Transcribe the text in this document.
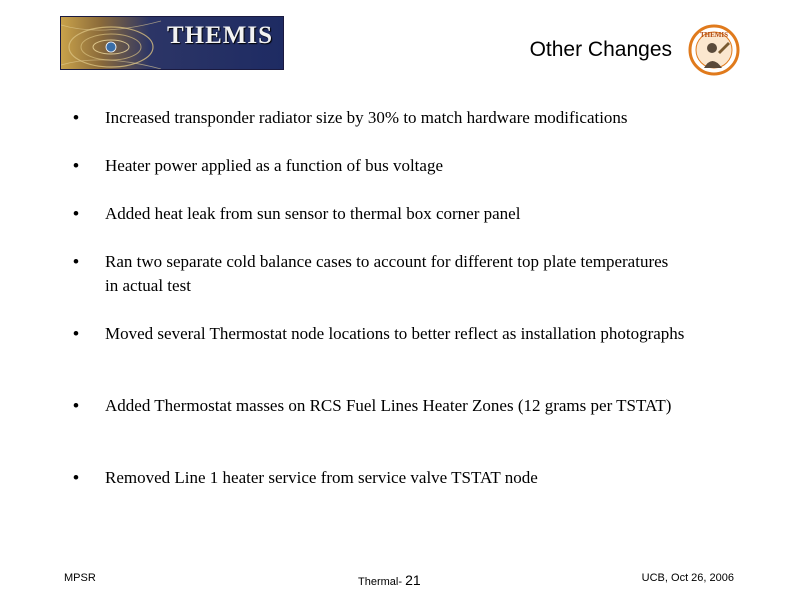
THEMIS
Other Changes
THEMIS
•	Increased transponder radiator size by 30% to match hardware modifications
•	Heater power applied as a function of bus voltage
•	Added heat leak from sun sensor to thermal box corner panel
•	Ran two separate cold balance cases to account for different top plate temperatures in actual test
•	Moved several Thermostat node locations to better reflect as installation photographs
•	Added Thermostat masses on RCS Fuel Lines Heater Zones (12 grams per TSTAT)
•	Removed Line 1 heater service from service valve TSTAT node
MPSR	Thermal- 21	UCB, Oct 26, 2006
